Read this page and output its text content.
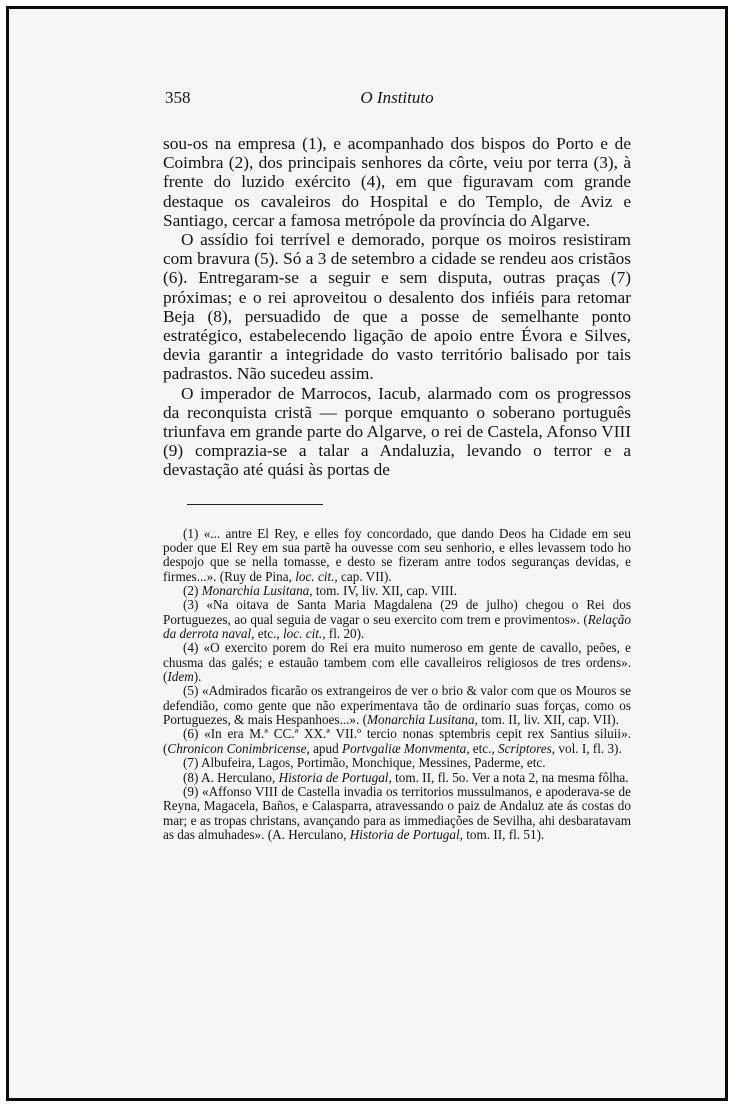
358	O Instituto

sou-os na empresa (1), e acompanhado dos bispos do Porto e de Coimbra (2), dos principais senhores da côrte, veiu por terra (3), à frente do luzido exército (4), em que figuravam com grande destaque os cavaleiros do Hospital e do Templo, de Aviz e Santiago, cercar a famosa metrópole da província do Algarve.

O assídio foi terrível e demorado, porque os moiros resistiram com bravura (5). Só a 3 de setembro a cidade se rendeu aos cristãos (6). Entregaram-se a seguir e sem disputa, outras praças (7) próximas; e o rei aproveitou o desalento dos infiéis para retomar Beja (8), persuadido de que a posse de semelhante ponto estratégico, estabelecendo ligação de apoio entre Évora e Silves, devia garantir a integridade do vasto território balisado por tais padrastos. Não sucedeu assim.

O imperador de Marrocos, Iacub, alarmado com os progressos da reconquista cristã — porque emquanto o soberano português triunfava em grande parte do Algarve, o rei de Castela, Afonso VIII (9) comprazia-se a talar a Andaluzia, levando o terror e a devastação até quási às portas de

(1) «... antre El Rey, e elles foy concordado, que dando Deos ha Cidade em seu poder que El Rey em sua partẽ ha ouvesse com seu senhorio, e elles levassem todo ho despojo que se nella tomasse, e desto se fizeram antre todos seguranças devidas, e firmes...». (Ruy de Pina, loc. cit., cap. VII).

(2) Monarchia Lusitana, tom. IV, liv. XII, cap. VIII.

(3) «Na oitava de Santa Maria Magdalena (29 de julho) chegou o Rei dos Portuguezes, ao qual seguia de vagar o seu exercito com trem e provimentos». (Relação da derrota naval, etc., loc. cit., fl. 20).

(4) «O exercito porem do Rei era muito numeroso em gente de cavallo, peões, e chusma das galés; e estauão tambem com elle cavalleiros religiosos de tres ordens». (Idem).

(5) «Admirados ficarão os extrangeiros de ver o brio & valor com que os Mouros se defendião, como gente que não experimentava tão de ordinario suas forças, como os Portuguezes, & mais Hespanhoes...». (Monarchia Lusitana, tom. II, liv. XII, cap. VII).

(6) «In era M.ª CC.ª XX.ª VII.º tercio nonas sptembris cepit rex Santius siluii». (Chronicon Conimbricense, apud Portvgaliæ Monvmenta, etc., Scriptores, vol. I, fl. 3).

(7) Albufeira, Lagos, Portimão, Monchique, Messines, Paderme, etc.

(8) A. Herculano, Historia de Portugal, tom. II, fl. 5o. Ver a nota 2, na mesma fôlha.

(9) «Affonso VIII de Castella invadia os territorios mussulmanos, e apoderava-se de Reyna, Magacela, Baños, e Calasparra, atravessando o paiz de Andaluz ate ás costas do mar; e as tropas christans, avançando para as immediações de Sevilha, ahi desbaratavam as das almuhades». (A. Herculano, Historia de Portugal, tom. II, fl. 51).
